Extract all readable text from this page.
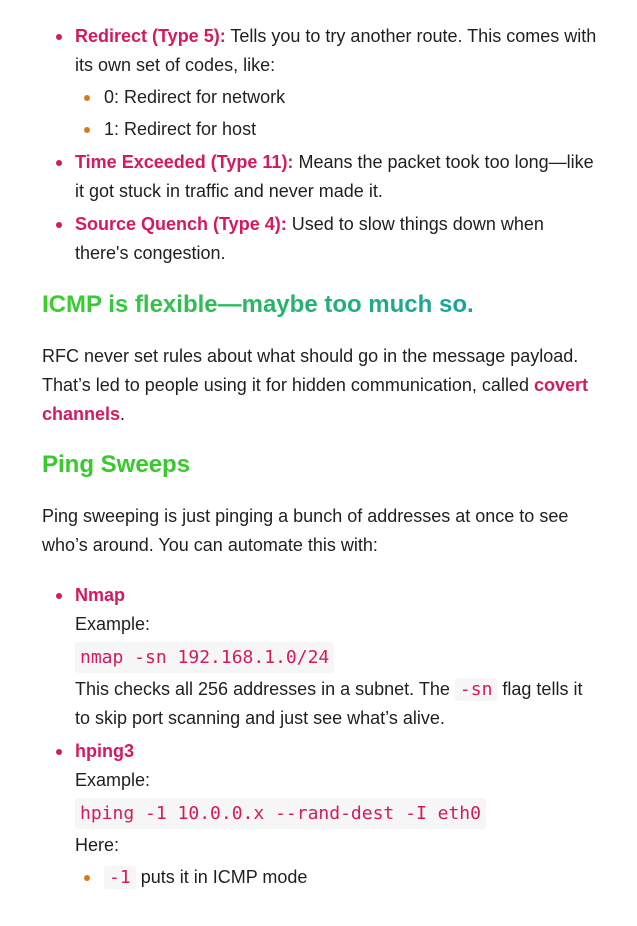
Redirect (Type 5): Tells you to try another route. This comes with its own set of codes, like:
0: Redirect for network
1: Redirect for host
Time Exceeded (Type 11): Means the packet took too long—like it got stuck in traffic and never made it.
Source Quench (Type 4): Used to slow things down when there's congestion.
ICMP is flexible—maybe too much so.

RFC never set rules about what should go in the message payload. That’s led to people using it for hidden communication, called covert channels.

Ping Sweeps

Ping sweeping is just pinging a bunch of addresses at once to see who’s around. You can automate this with:

Nmap
Example:
nmap -sn 192.168.1.0/24
This checks all 256 addresses in a subnet. The -sn flag tells it to skip port scanning and just see what’s alive.
hping3
Example:
hping -1 10.0.0.x --rand-dest -I eth0
Here:
-1 puts it in ICMP mode
